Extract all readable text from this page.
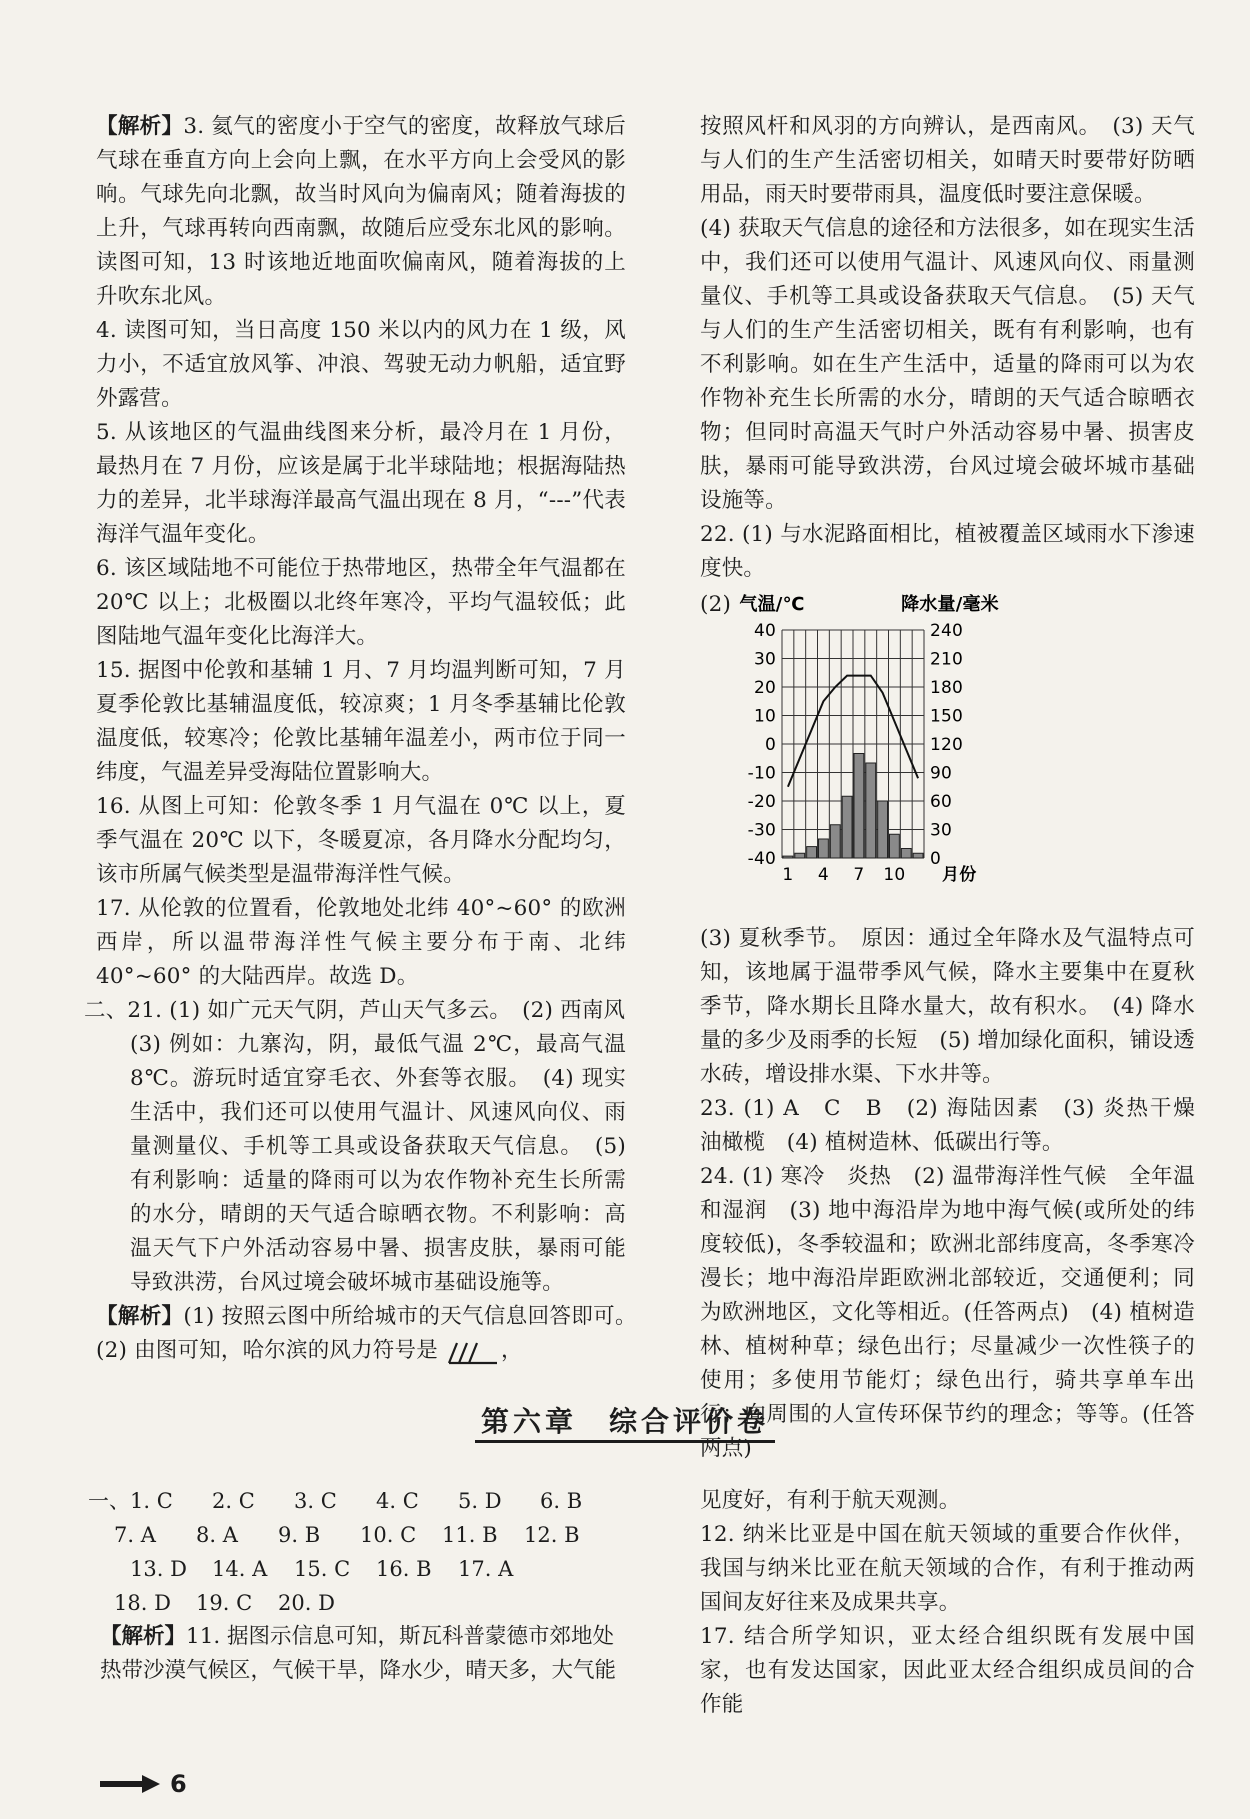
【解析】3. 氦气的密度小于空气的密度，故释放气球后气球在垂直方向上会向上飘，在水平方向上会受风的影响。气球先向北飘，故当时风向为偏南风；随着海拔的上升，气球再转向西南飘，故随后应受东北风的影响。读图可知，13 时该地近地面吹偏南风，随着海拔的上升吹东北风。

4. 读图可知，当日高度 150 米以内的风力在 1 级，风力小，不适宜放风筝、冲浪、驾驶无动力帆船，适宜野外露营。

5. 从该地区的气温曲线图来分析，最冷月在 1 月份，最热月在 7 月份，应该是属于北半球陆地；根据海陆热力的差异，北半球海洋最高气温出现在 8 月，“---”代表海洋气温年变化。

6. 该区域陆地不可能位于热带地区，热带全年气温都在 20℃ 以上；北极圈以北终年寒冷，平均气温较低；此图陆地气温年变化比海洋大。

15. 据图中伦敦和基辅 1 月、7 月均温判断可知，7 月夏季伦敦比基辅温度低，较凉爽；1 月冬季基辅比伦敦温度低，较寒冷；伦敦比基辅年温差小，两市位于同一纬度，气温差异受海陆位置影响大。

16. 从图上可知：伦敦冬季 1 月气温在 0℃ 以上，夏季气温在 20℃ 以下，冬暖夏凉，各月降水分配均匀，该市所属气候类型是温带海洋性气候。

17. 从伦敦的位置看，伦敦地处北纬 40°~60° 的欧洲西岸，所以温带海洋性气候主要分布于南、北纬 40°~60° 的大陆西岸。故选 D。

二、21. (1) 如广元天气阴，芦山天气多云。　(2) 西南风

(3) 例如：九寨沟，阴，最低气温 2℃，最高气温 8℃。游玩时适宜穿毛衣、外套等衣服。　(4) 现实生活中，我们还可以使用气温计、风速风向仪、雨量测量仪、手机等工具或设备获取天气信息。　(5) 有利影响：适量的降雨可以为农作物补充生长所需的水分，晴朗的天气适合晾晒衣物。不利影响：高温天气下户外活动容易中暑、损害皮肤，暴雨可能导致洪涝，台风过境会破坏城市基础设施等。

【解析】(1) 按照云图中所给城市的天气信息回答即可。　(2) 由图可知，哈尔滨的风力符号是	，

按照风杆和风羽的方向辨认，是西南风。　(3) 天气与人们的生产生活密切相关，如晴天时要带好防晒用品，雨天时要带雨具，温度低时要注意保暖。

(4) 获取天气信息的途径和方法很多，如在现实生活中，我们还可以使用气温计、风速风向仪、雨量测量仪、手机等工具或设备获取天气信息。　(5) 天气与人们的生产生活密切相关，既有有利影响，也有不利影响。如在生产生活中，适量的降雨可以为农作物补充生长所需的水分，晴朗的天气适合晾晒衣物；但同时高温天气时户外活动容易中暑、损害皮肤，暴雨可能导致洪涝，台风过境会破坏城市基础设施等。

22. (1) 与水泥路面相比，植被覆盖区域雨水下渗速度快。

(2) 气温/℃	降水量/毫米
40
30
20
10
0
-10
-20
-30
-40
240
210
180
150
120
90
60
30
0
1 4 7 10 月份

(3) 夏秋季节。　原因：通过全年降水及气温特点可知，该地属于温带季风气候，降水主要集中在夏秋季节，降水期长且降水量大，故有积水。　(4) 降水量的多少及雨季的长短　(5) 增加绿化面积，铺设透水砖，增设排水渠、下水井等。

23. (1) A　C　B　(2) 海陆因素　(3) 炎热干燥　油橄榄　(4) 植树造林、低碳出行等。

24. (1) 寒冷　炎热　(2) 温带海洋性气候　全年温和湿润　(3) 地中海沿岸为地中海气候(或所处的纬度较低)，冬季较温和；欧洲北部纬度高，冬季寒冷漫长；地中海沿岸距欧洲北部较近，交通便利；同为欧洲地区，文化等相近。(任答两点)　(4) 植树造林、植树种草；绿色出行；尽量减少一次性筷子的使用；多使用节能灯；绿色出行，骑共享单车出行；向周围的人宣传环保节约的理念；等等。(任答两点)

第六章　综合评价卷
一、 1. C	2. C	3. C	4. C	5. D	6. B
7. A	8. A	9. B	10. C	11. B	12. B
13. D	14. A	15. C	16. B	17. A
18. D	19. C	20. D
【解析】11. 据图示信息可知，斯瓦科普蒙德市郊地处热带沙漠气候区，气候干旱，降水少，晴天多，大气能

见度好，有利于航天观测。

12. 纳米比亚是中国在航天领域的重要合作伙伴，我国与纳米比亚在航天领域的合作，有利于推动两国间友好往来及成果共享。

17. 结合所学知识，亚太经合组织既有发展中国家，也有发达国家，因此亚太经合组织成员间的合作能

6
